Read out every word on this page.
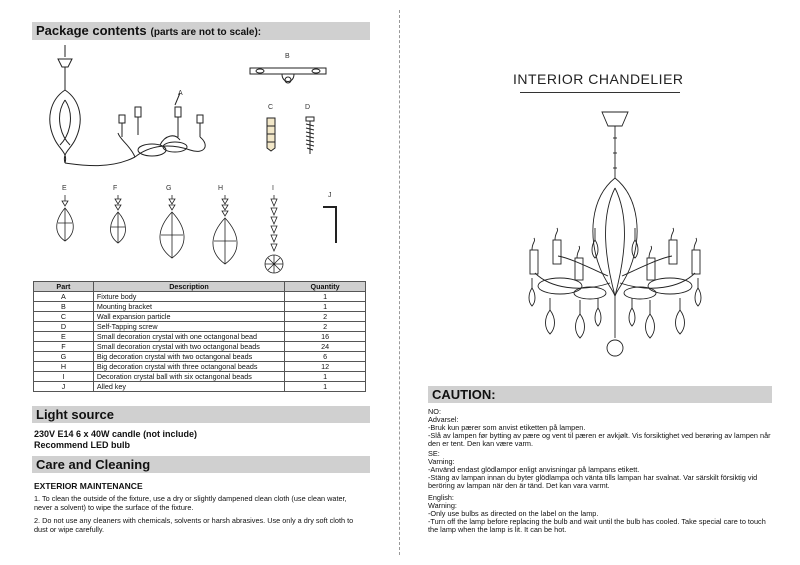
Package contents (parts are not to scale):
A
B
C	D
E	F	G	H	I
J
Part	Description	Quantity
A	Fixture body	1
B	Mounting bracket	1
C	Wall expansion particle	2
D	Self-Tapping screw	2
E	Small decoration crystal with one octangonal bead	16
F	Small decoration crystal with two octangonal beads	24
G	Big decoration crystal with two octangonal beads	6
H	Big decoration crystal with three octangonal beads	12
I	Decoration crystal ball with six octangonal beads	1
J	Alled key	1
Light source
230V E14 6 x 40W candle (not include)
Recommend LED bulb
Care and Cleaning
EXTERIOR MAINTENANCE
1. To clean the outside of the fixture, use a dry or slightly dampened clean cloth (use clean water,
never a solvent) to wipe the surface of the fixture.
2. Do not use any cleaners with chemicals, solvents or harsh abrasives. Use only a dry soft cloth to
dust or wipe carefully.
INTERIOR CHANDELIER
CAUTION:
NO:
Advarsel:
-Bruk kun pærer som anvist etiketten på lampen.
-Slå av lampen før bytting av pære og vent til pæren er avkjølt. Vis forsiktighet ved berøring av lampen når
den er tent. Den kan være varm.
SE:
Varning:
-Använd endast glödlampor enligt anvisningar på lampans etikett.
-Stäng av lampan innan du byter glödlampa och vänta tills lampan har svalnat. Var särskilt försiktig vid
beröring av lampan när den är tänd. Det kan vara varmt.
English:
Warning:
-Only use bulbs as directed on the label on the lamp.
-Turn off the lamp before replacing the bulb and wait until the bulb has cooled. Take special care to touch
the lamp when the lamp is lit. It can be hot.
